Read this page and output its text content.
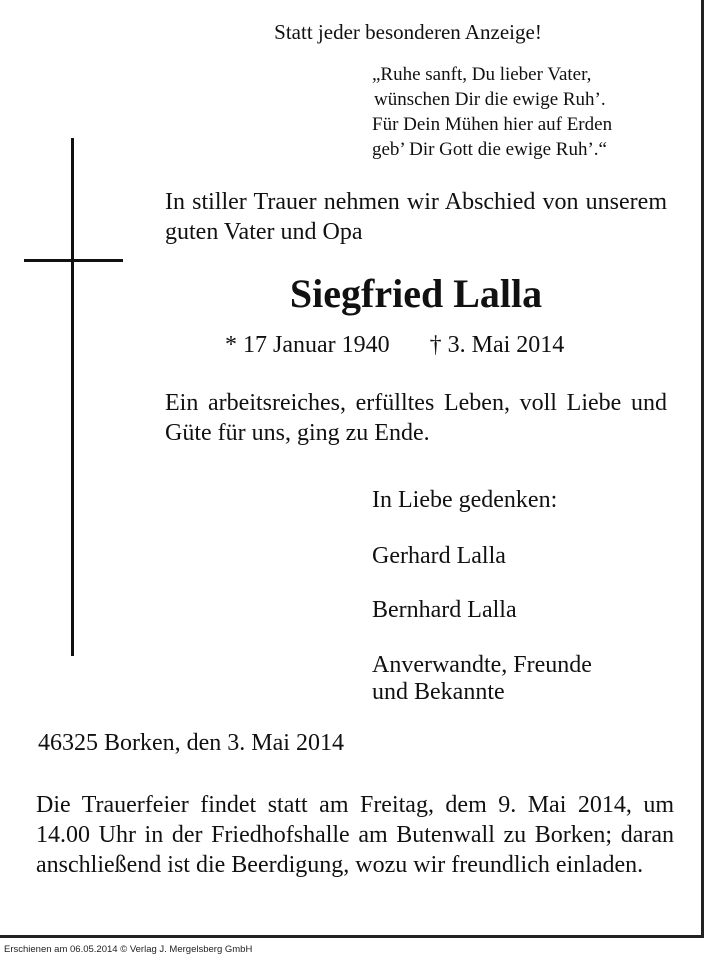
Statt jeder besonderen Anzeige!
„Ruhe sanft, Du lieber Vater,
wünschen Dir die ewige Ruh’.
Für Dein Mühen hier auf Erden
geb’ Dir Gott die ewige Ruh’.“
In stiller Trauer nehmen wir Abschied von unserem guten Vater und Opa
Siegfried Lalla
* 17 Januar 1940 † 3. Mai 2014
Ein arbeitsreiches, erfülltes Leben, voll Liebe und Güte für uns, ging zu Ende.
In Liebe gedenken:
Gerhard Lalla
Bernhard Lalla
Anverwandte, Freunde
und Bekannte
46325 Borken, den 3. Mai 2014
Die Trauerfeier findet statt am Freitag, dem 9. Mai 2014, um 14.00 Uhr in der Friedhofshalle am Butenwall zu Borken; daran anschließend ist die Beerdigung, wozu wir freundlich einladen.
Erschienen am 06.05.2014 © Verlag J. Mergelsberg GmbH
